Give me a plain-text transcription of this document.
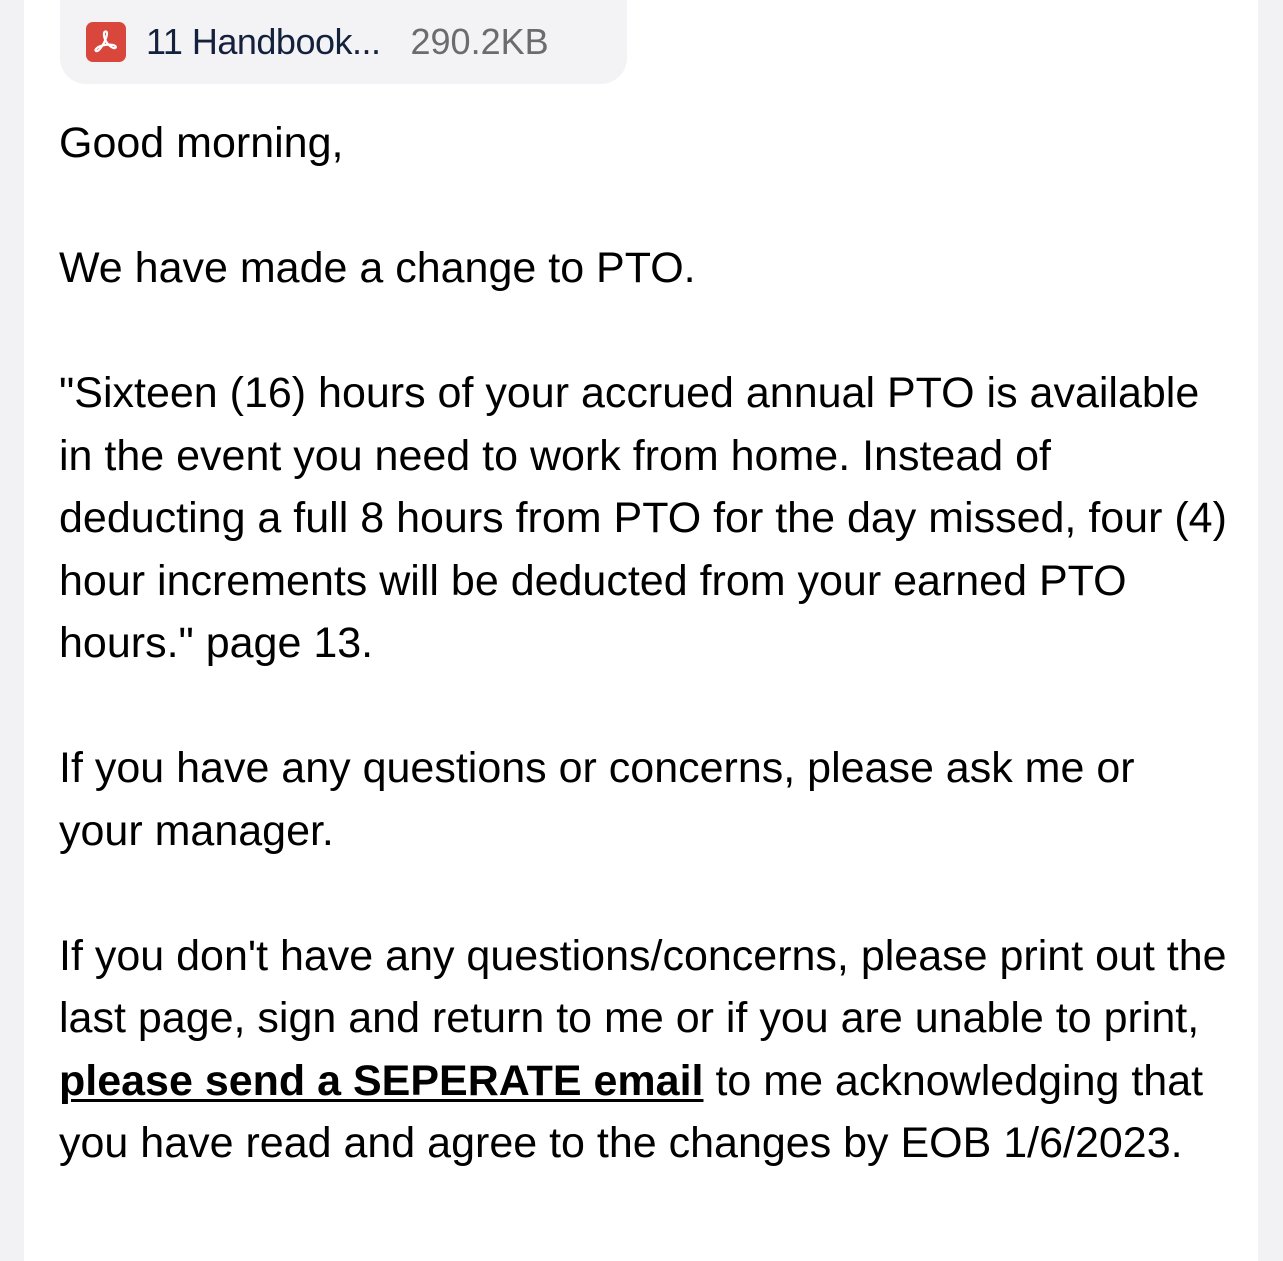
11 Handbook... 290.2KB

Good morning,

We have made a change to PTO.

"Sixteen (16) hours of your accrued annual PTO is available in the event you need to work from home. Instead of deducting a full 8 hours from PTO for the day missed, four (4) hour increments will be deducted from your earned PTO hours." page 13.

If you have any questions or concerns, please ask me or your manager.

If you don't have any questions/concerns, please print out the last page, sign and return to me or if you are unable to print, please send a SEPERATE email to me acknowledging that you have read and agree to the changes by EOB 1/6/2023.
